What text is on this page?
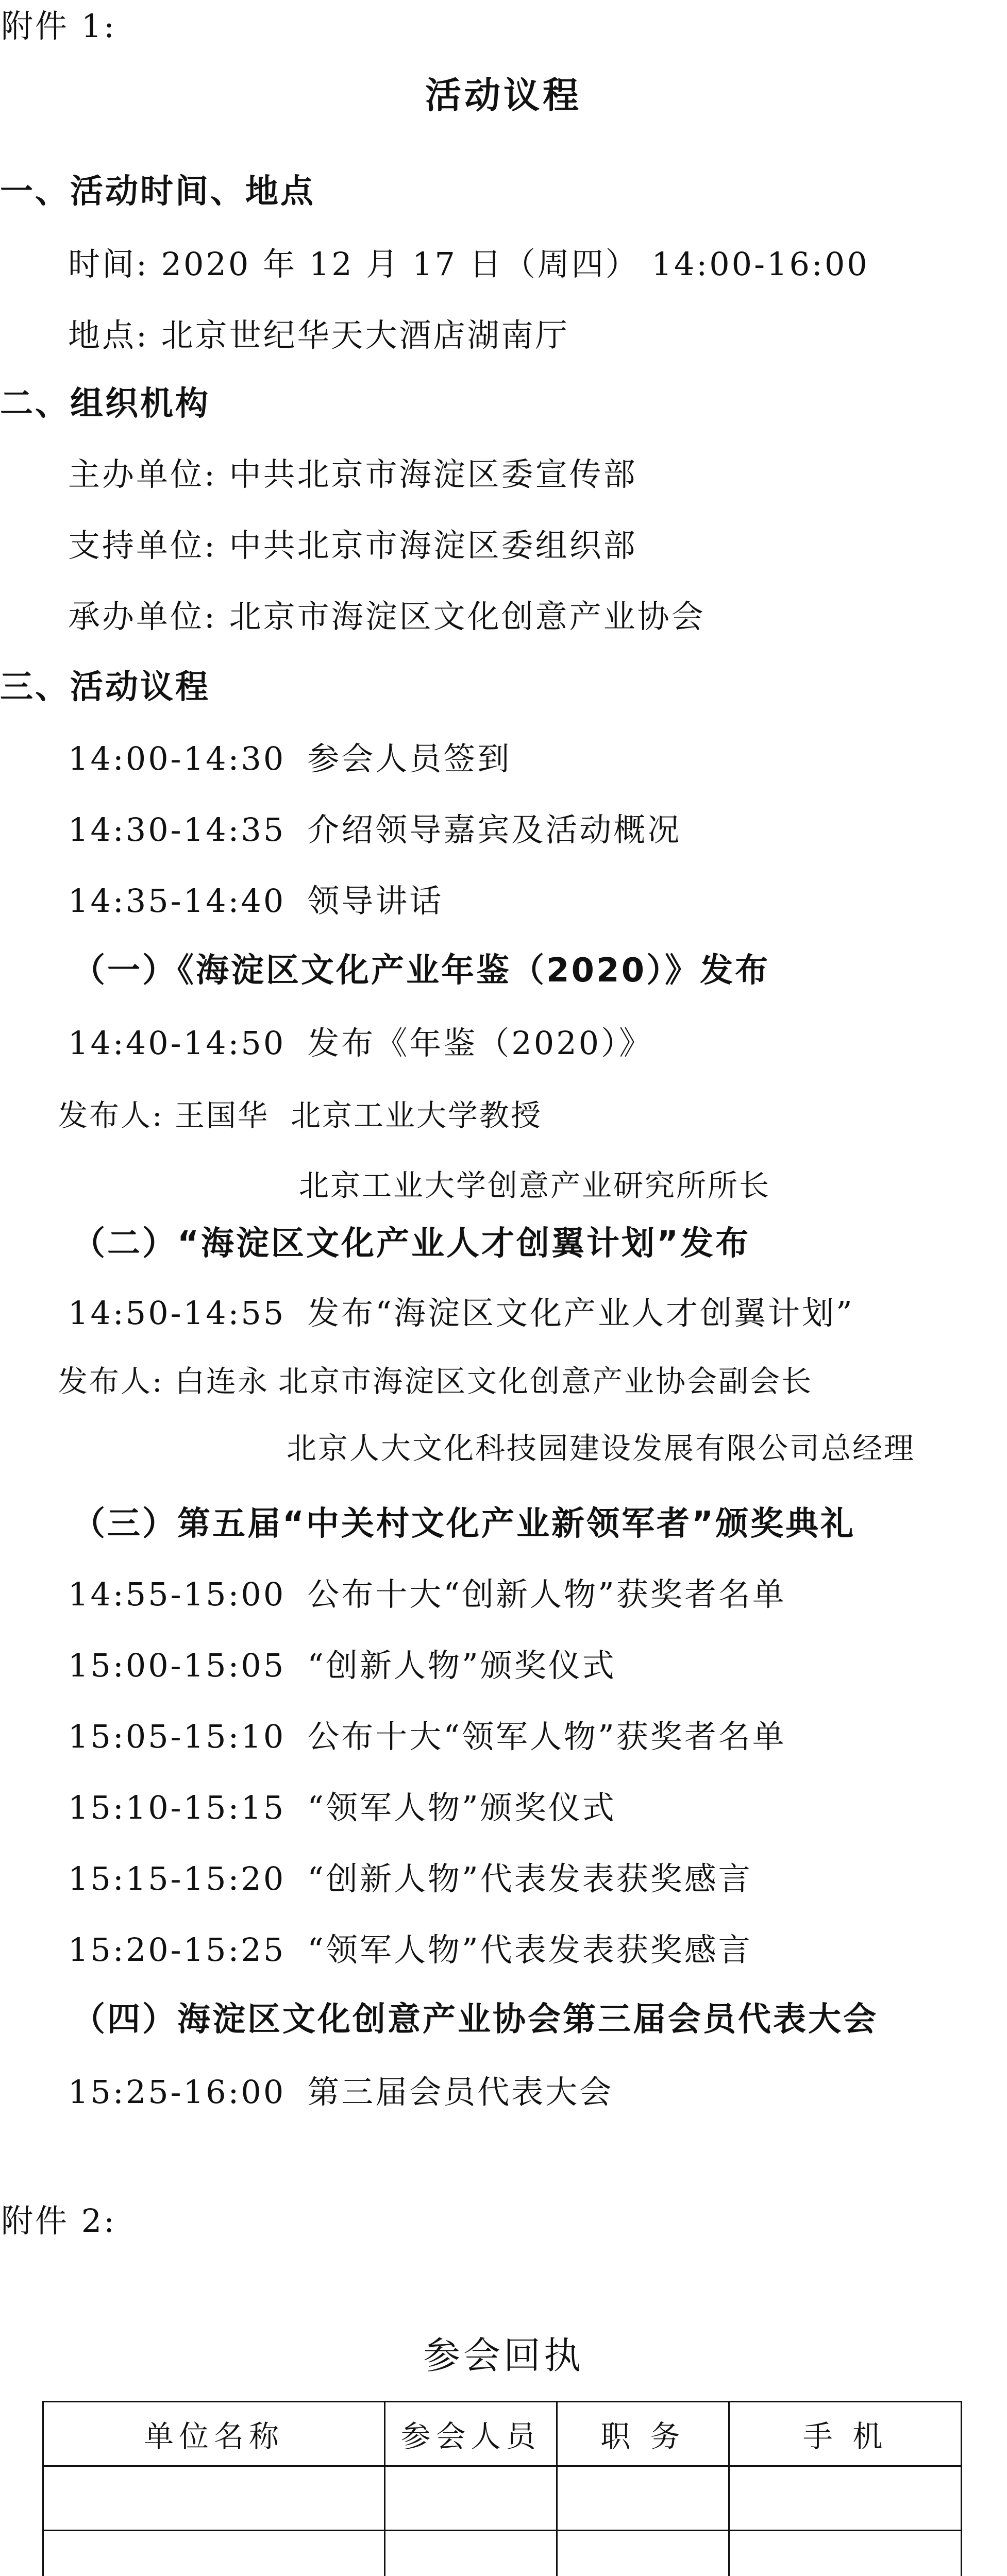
附件 1:
活动议程
一、活动时间、地点
时间: 2020 年 12 月 17 日（周四） 14:00-16:00
地点: 北京世纪华天大酒店湖南厅
二、组织机构
主办单位: 中共北京市海淀区委宣传部
支持单位: 中共北京市海淀区委组织部
承办单位: 北京市海淀区文化创意产业协会
三、活动议程
14:00-14:30 参会人员签到
14:30-14:35 介绍领导嘉宾及活动概况
14:35-14:40 领导讲话
（一）《海淀区文化产业年鉴（2020）》发布
14:40-14:50 发布《年鉴（2020）》
发布人: 王国华 北京工业大学教授
北京工业大学创意产业研究所所长
（二）“海淀区文化产业人才创翼计划”发布
14:50-14:55 发布“海淀区文化产业人才创翼计划”
发布人: 白连永 北京市海淀区文化创意产业协会副会长
北京人大文化科技园建设发展有限公司总经理
（三）第五届“中关村文化产业新领军者”颁奖典礼
14:55-15:00 公布十大“创新人物”获奖者名单
15:00-15:05 “创新人物”颁奖仪式
15:05-15:10 公布十大“领军人物”获奖者名单
15:10-15:15 “领军人物”颁奖仪式
15:15-15:20 “创新人物”代表发表获奖感言
15:20-15:25 “领军人物”代表发表获奖感言
（四）海淀区文化创意产业协会第三届会员代表大会
15:25-16:00 第三届会员代表大会
附件 2:
参会回执
单位名称	参会人员	职 务	手 机
